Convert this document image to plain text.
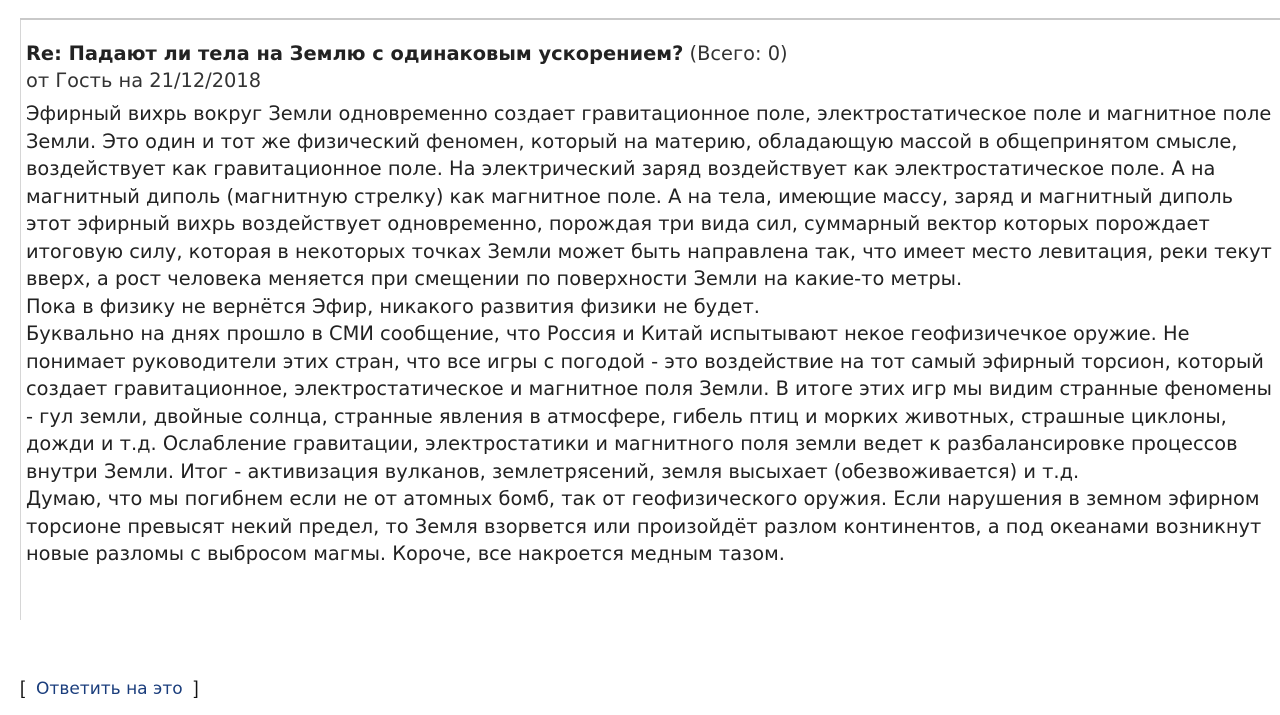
Re: Падают ли тела на Землю с одинаковым ускорением? (Всего: 0)
от Гость на 21/12/2018

Эфирный вихрь вокруг Земли одновременно создает гравитационное поле, электростатическое поле и магнитное поле Земли. Это один и тот же физический феномен, который на материю, обладающую массой в общепринятом смысле, воздействует как гравитационное поле. На электрический заряд воздействует как электростатическое поле. А на магнитный диполь (магнитную стрелку) как магнитное поле. А на тела, имеющие массу, заряд и магнитный диполь этот эфирный вихрь воздействует одновременно, порождая три вида сил, суммарный вектор которых порождает итоговую силу, которая в некоторых точках Земли может быть направлена так, что имеет место левитация, реки текут вверх, а рост человека меняется при смещении по поверхности Земли на какие-то метры.

Пока в физику не вернётся Эфир, никакого развития физики не будет.

Буквально на днях прошло в СМИ сообщение, что Россия и Китай испытывают некое геофизичечкое оружие. Не понимает руководители этих стран, что все игры с погодой - это воздействие на тот самый эфирный торсион, который создает гравитационное, электростатическое и магнитное поля Земли. В итоге этих игр мы видим странные феномены - гул земли, двойные солнца, странные явления в атмосфере, гибель птиц и морких животных, страшные циклоны, дожди и т.д. Ослабление гравитации, электростатики и магнитного поля земли ведет к разбалансировке процессов внутри Земли. Итог - активизация вулканов, землетрясений, земля высыхает (обезвоживается) и т.д.

Думаю, что мы погибнем если не от атомных бомб, так от геофизического оружия. Если нарушения в земном эфирном торсионе превысят некий предел, то Земля взорвется или произойдёт разлом континентов, а под океанами возникнут новые разломы с выбросом магмы. Короче, все накроется медным тазом.

[ Ответить на это ]
